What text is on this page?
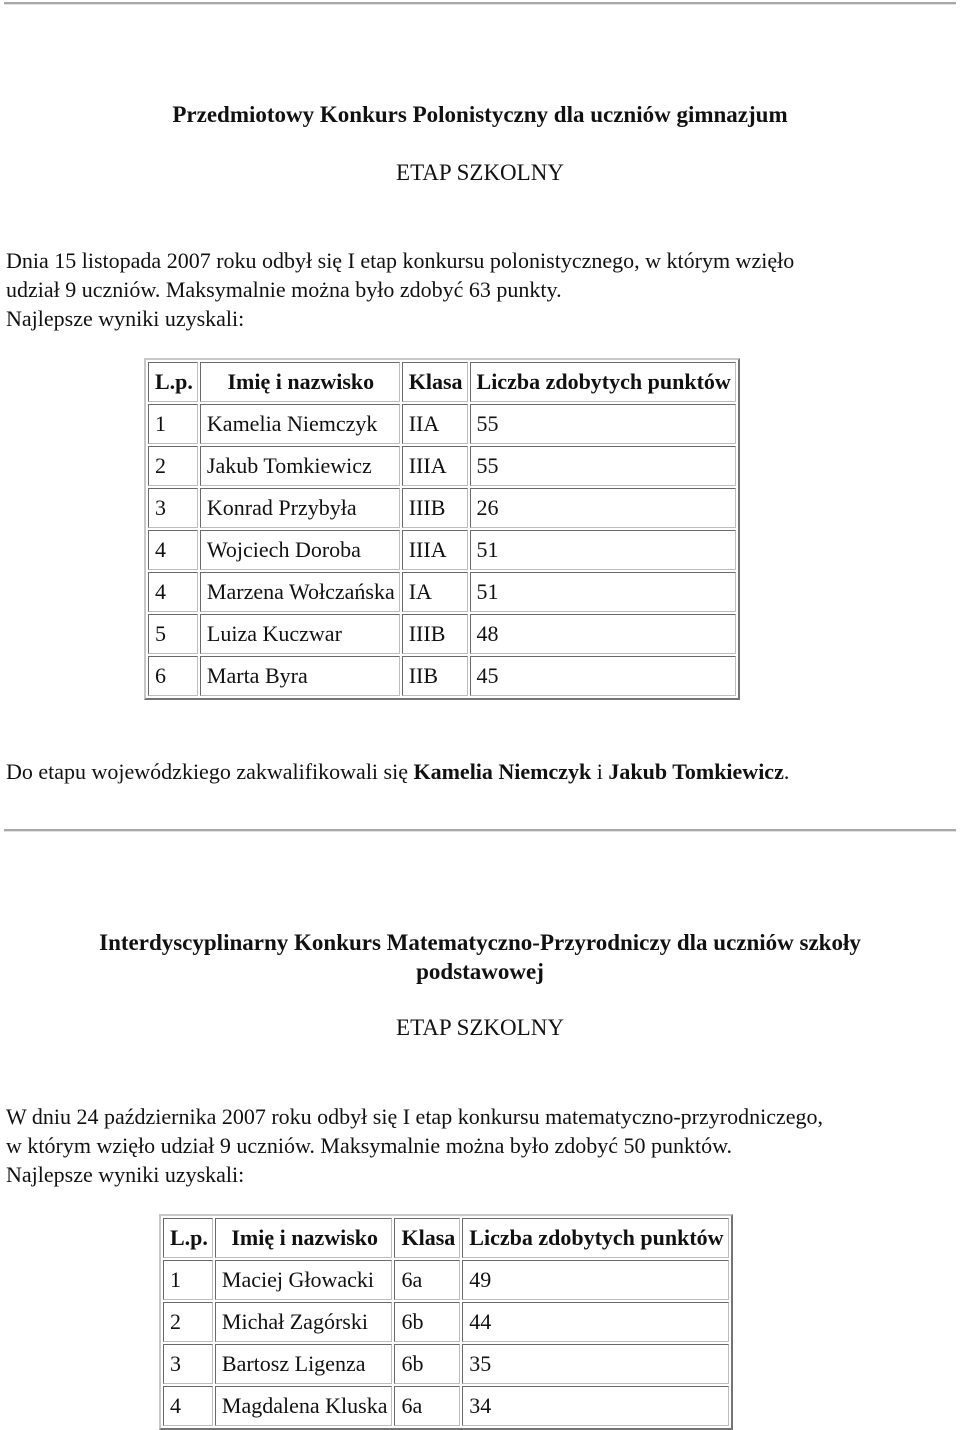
Przedmiotowy Konkurs Polonistyczny dla uczniów gimnazjum
ETAP SZKOLNY
Dnia 15 listopada 2007 roku odbył się I etap konkursu polonistycznego, w którym wzięło
udział 9 uczniów. Maksymalnie można było zdobyć 63 punkty.
Najlepsze wyniki uzyskali:
L.p.	Imię i nazwisko	Klasa	Liczba zdobytych punktów
1	Kamelia Niemczyk	IIA	55
2	Jakub Tomkiewicz	IIIA	55
3	Konrad Przybyła	IIIB	26
4	Wojciech Doroba	IIIA	51
4	Marzena Wołczańska	IA	51
5	Luiza Kuczwar	IIIB	48
6	Marta Byra	IIB	45
Do etapu wojewódzkiego zakwalifikowali się Kamelia Niemczyk i Jakub Tomkiewicz.
Interdyscyplinarny Konkurs Matematyczno-Przyrodniczy dla uczniów szkoły
podstawowej
ETAP SZKOLNY
W dniu 24 października 2007 roku odbył się I etap konkursu matematyczno-przyrodniczego,
w którym wzięło udział 9 uczniów. Maksymalnie można było zdobyć 50 punktów.
Najlepsze wyniki uzyskali:
L.p.	Imię i nazwisko	Klasa	Liczba zdobytych punktów
1	Maciej Głowacki	6a	49
2	Michał Zagórski	6b	44
3	Bartosz Ligenza	6b	35
4	Magdalena Kluska	6a	34
